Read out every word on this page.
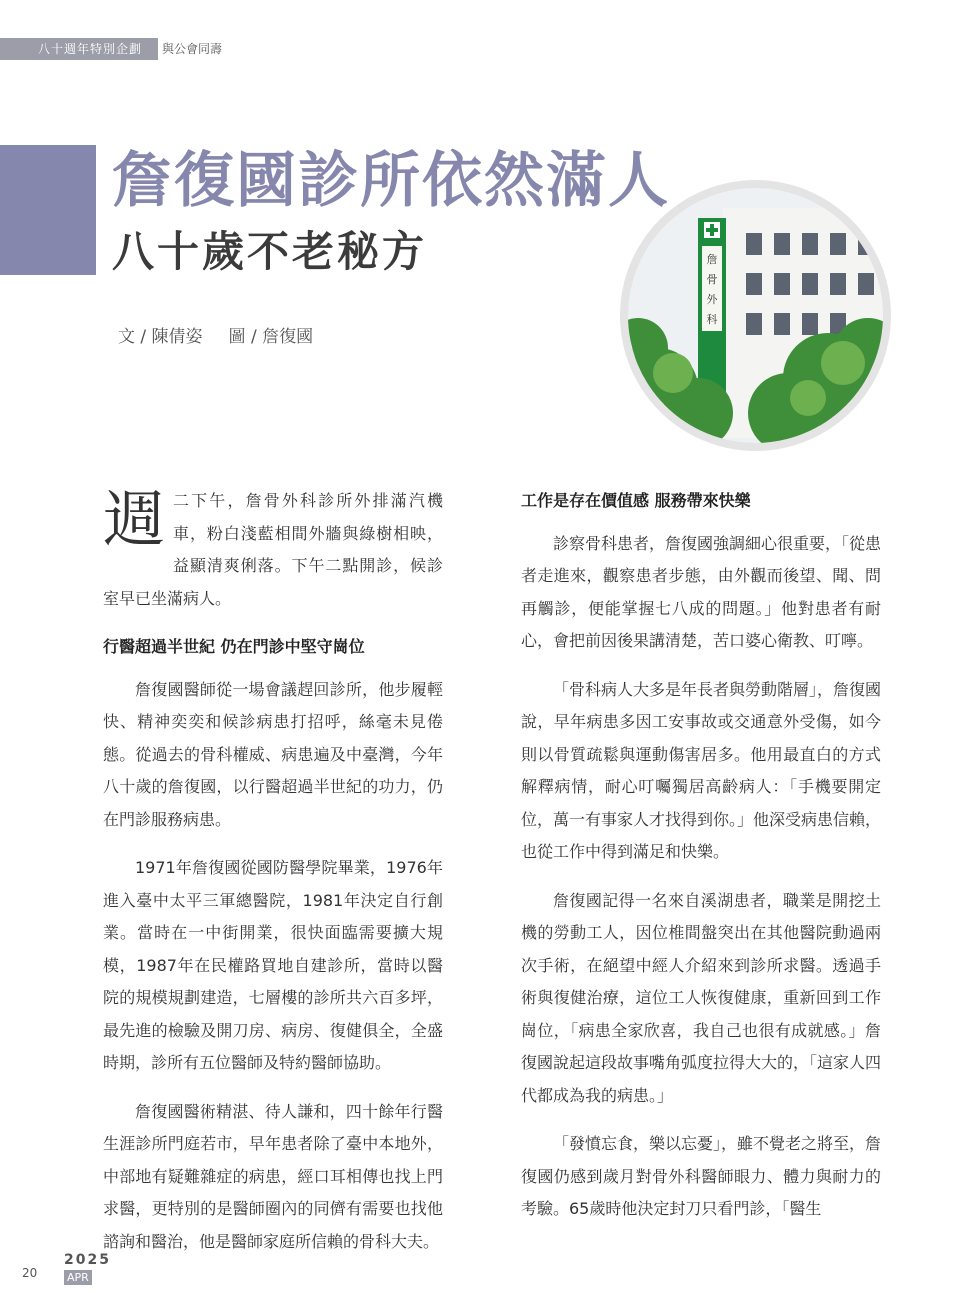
八十週年特別企劃	與公會同壽
詹復國診所依然滿人
八十歲不老秘方
文 / 陳倩姿 圖 / 詹復國
詹
骨
外
科

週二下午，詹骨外科診所外排滿汽機車，粉白淺藍相間外牆與綠樹相映，益顯清爽俐落。下午二點開診，候診室早已坐滿病人。

行醫超過半世紀 仍在門診中堅守崗位

詹復國醫師從一場會議趕回診所，他步履輕快、精神奕奕和候診病患打招呼，絲毫未見倦態。從過去的骨科權威、病患遍及中臺灣，今年八十歲的詹復國，以行醫超過半世紀的功力，仍在門診服務病患。

1971年詹復國從國防醫學院畢業，1976年進入臺中太平三軍總醫院，1981年決定自行創業。當時在一中街開業，很快面臨需要擴大規模，1987年在民權路買地自建診所，當時以醫院的規模規劃建造，七層樓的診所共六百多坪，最先進的檢驗及開刀房、病房、復健俱全，全盛時期，診所有五位醫師及特約醫師協助。

詹復國醫術精湛、待人謙和，四十餘年行醫生涯診所門庭若市，早年患者除了臺中本地外，中部地有疑難雜症的病患，經口耳相傳也找上門求醫，更特別的是醫師圈內的同儕有需要也找他諮詢和醫治，他是醫師家庭所信賴的骨科大夫。

工作是存在價值感 服務帶來快樂

診察骨科患者，詹復國強調細心很重要，「從患者走進來，觀察患者步態，由外觀而後望、聞、問再觸診，便能掌握七八成的問題。」他對患者有耐心，會把前因後果講清楚，苦口婆心衛教、叮嚀。

「骨科病人大多是年長者與勞動階層」，詹復國說，早年病患多因工安事故或交通意外受傷，如今則以骨質疏鬆與運動傷害居多。他用最直白的方式解釋病情，耐心叮囑獨居高齡病人：「手機要開定位，萬一有事家人才找得到你。」他深受病患信賴，也從工作中得到滿足和快樂。

詹復國記得一名來自溪湖患者，職業是開挖土機的勞動工人，因位椎間盤突出在其他醫院動過兩次手術，在絕望中經人介紹來到診所求醫。透過手術與復健治療，這位工人恢復健康，重新回到工作崗位，「病患全家欣喜，我自己也很有成就感。」詹復國說起這段故事嘴角弧度拉得大大的，「這家人四代都成為我的病患。」

「發憤忘食，樂以忘憂」，雖不覺老之將至，詹復國仍感到歲月對骨外科醫師眼力、體力與耐力的考驗。65歲時他決定封刀只看門診，「醫生

20
2025
APR
